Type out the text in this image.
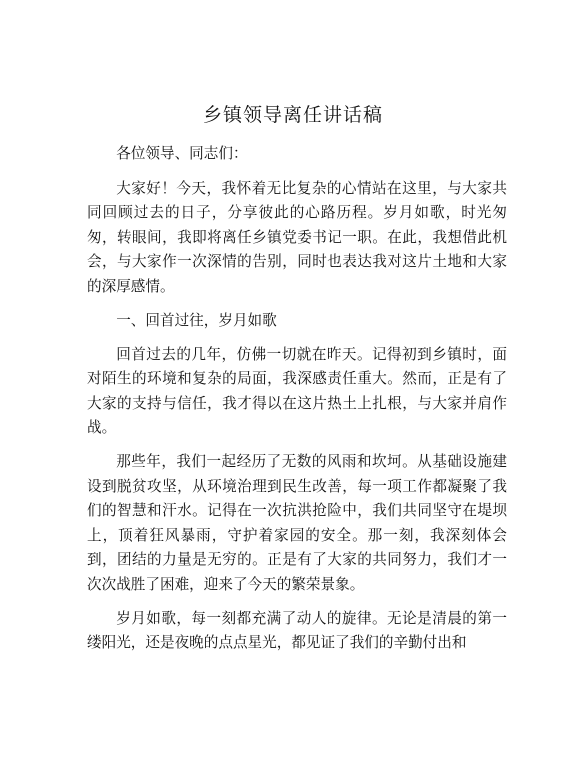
乡镇领导离任讲话稿

各位领导、同志们：

大家好！今天，我怀着无比复杂的心情站在这里，与大家共同回顾过去的日子，分享彼此的心路历程。岁月如歌，时光匆匆，转眼间，我即将离任乡镇党委书记一职。在此，我想借此机会，与大家作一次深情的告别，同时也表达我对这片土地和大家的深厚感情。

一、回首过往，岁月如歌

回首过去的几年，仿佛一切就在昨天。记得初到乡镇时，面对陌生的环境和复杂的局面，我深感责任重大。然而，正是有了大家的支持与信任，我才得以在这片热土上扎根，与大家并肩作战。

那些年，我们一起经历了无数的风雨和坎坷。从基础设施建设到脱贫攻坚，从环境治理到民生改善，每一项工作都凝聚了我们的智慧和汗水。记得在一次抗洪抢险中，我们共同坚守在堤坝上，顶着狂风暴雨，守护着家园的安全。那一刻，我深刻体会到，团结的力量是无穷的。正是有了大家的共同努力，我们才一次次战胜了困难，迎来了今天的繁荣景象。

岁月如歌，每一刻都充满了动人的旋律。无论是清晨的第一缕阳光，还是夜晚的点点星光，都见证了我们的辛勤付出和
